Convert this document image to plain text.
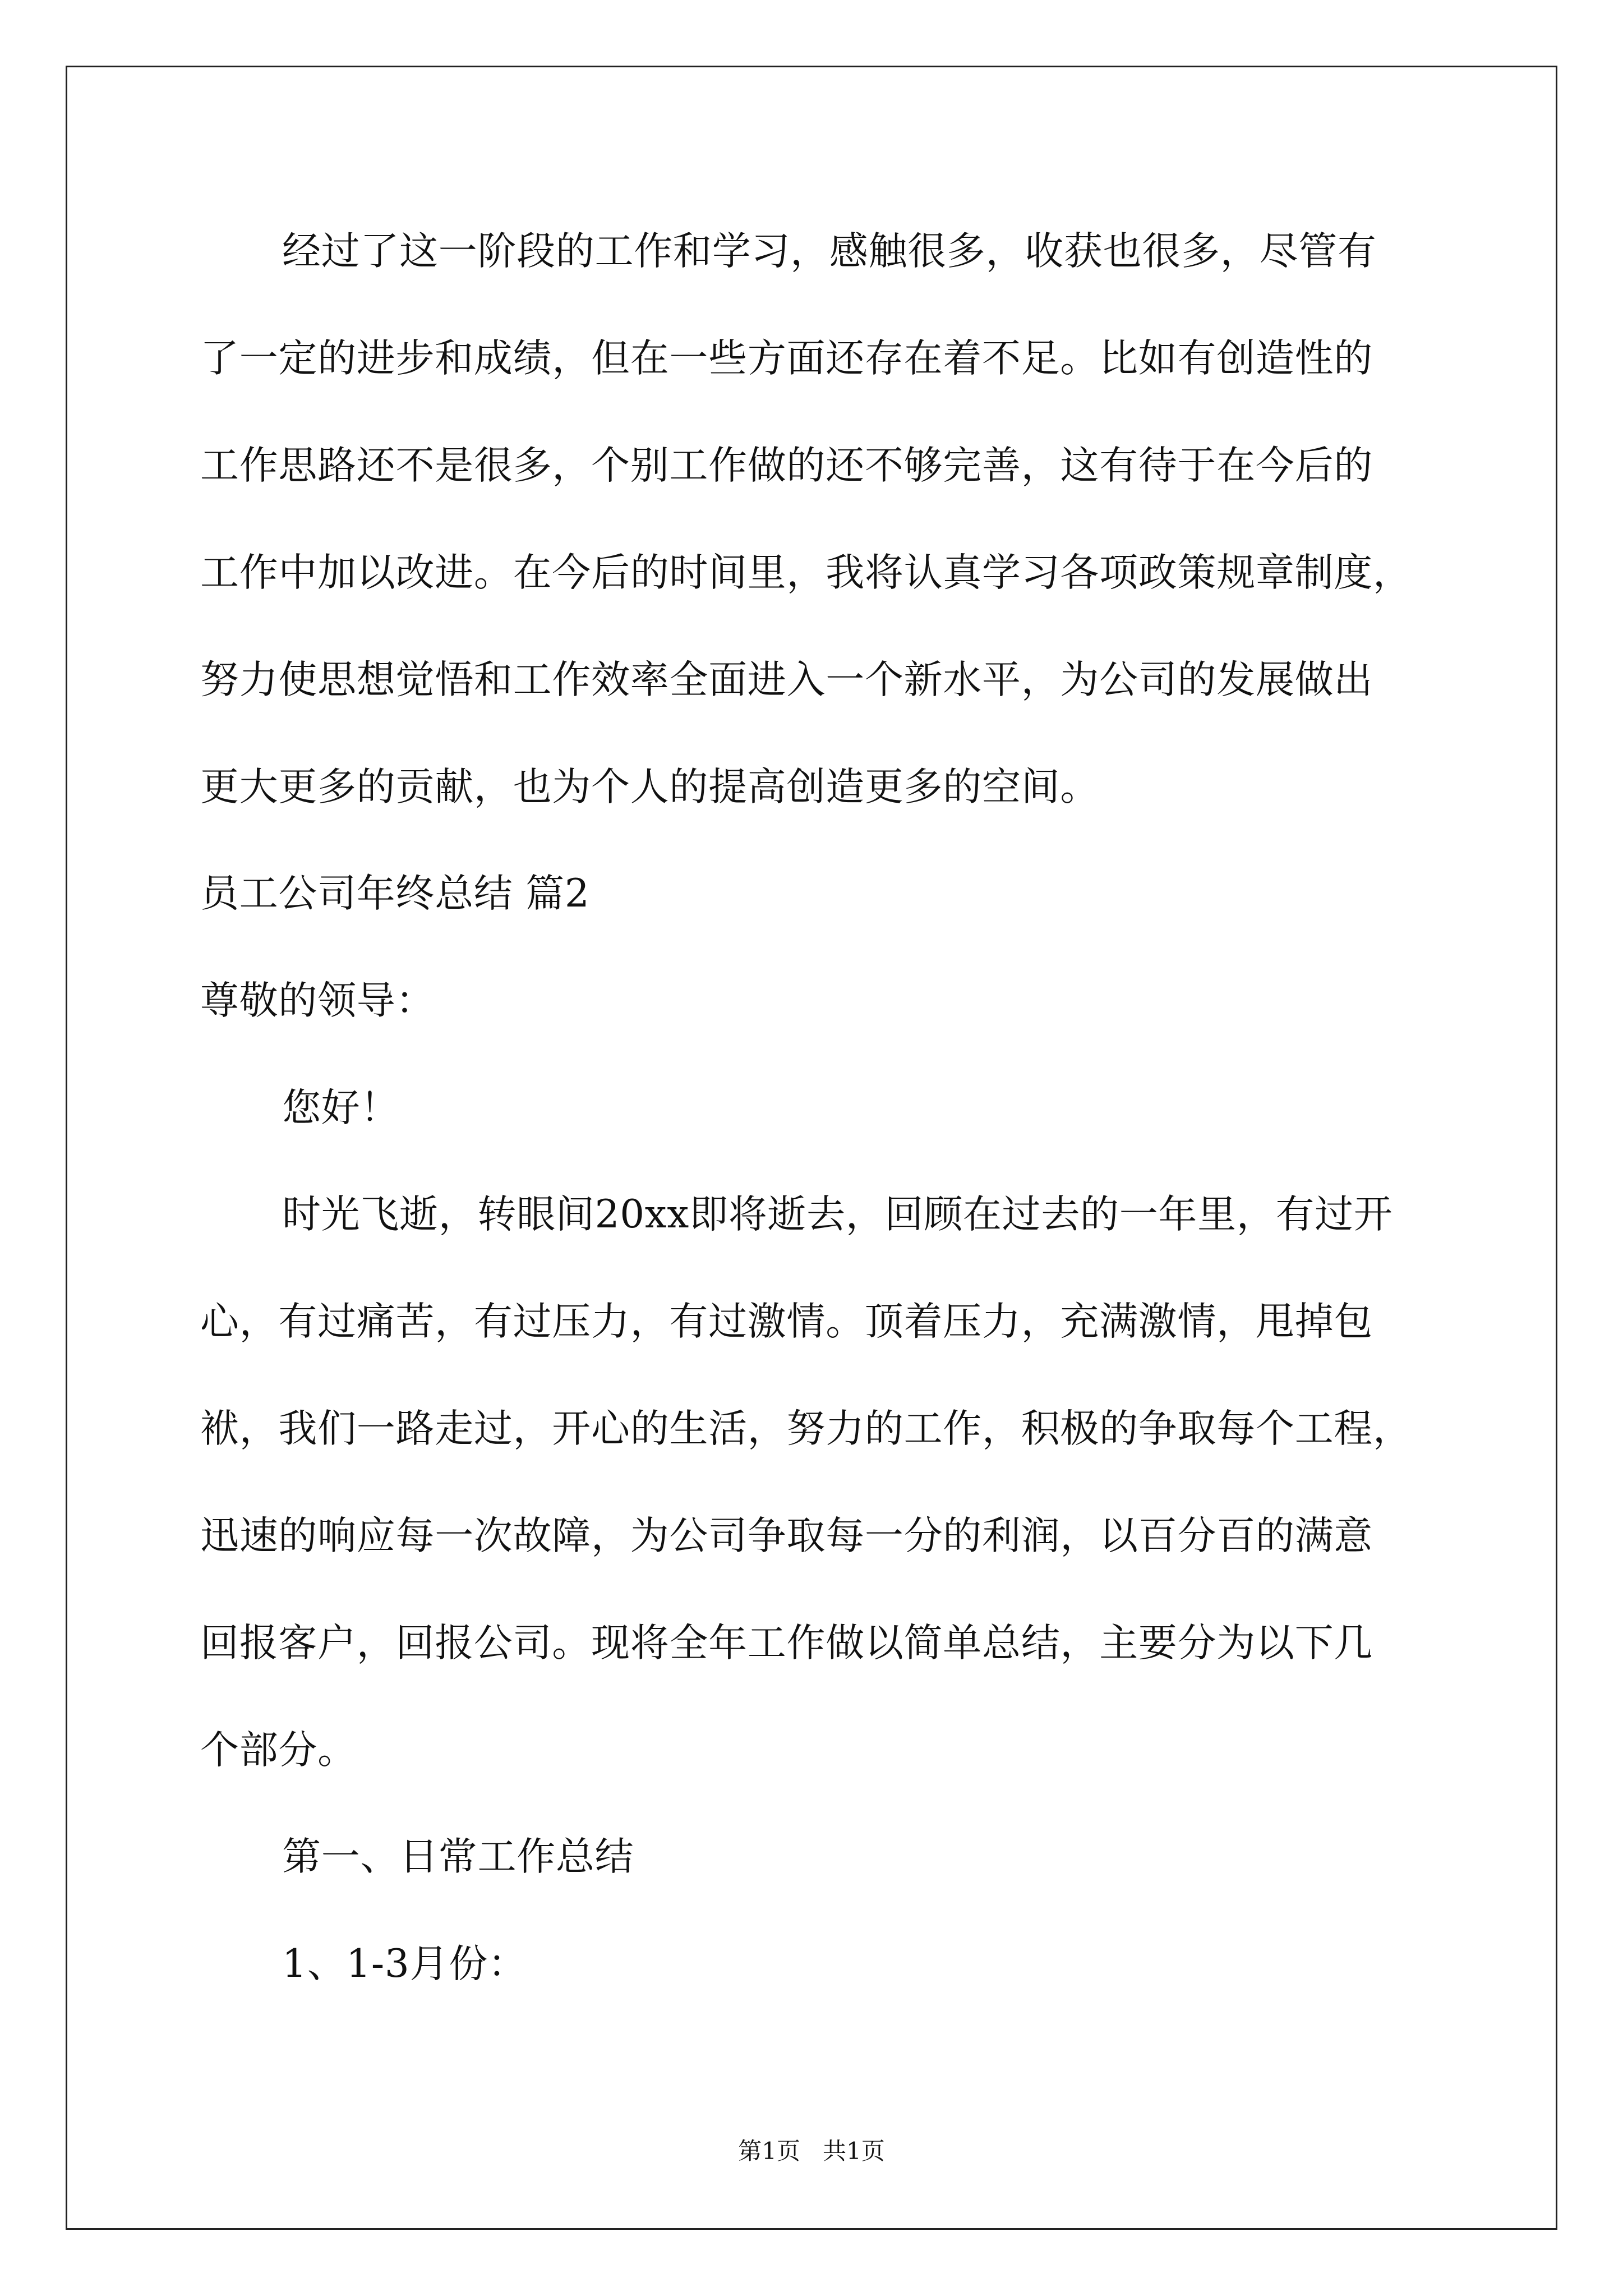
经过了这一阶段的工作和学习，感触很多，收获也很多，尽管有
了一定的进步和成绩，但在一些方面还存在着不足。比如有创造性的
工作思路还不是很多，个别工作做的还不够完善，这有待于在今后的
工作中加以改进。在今后的时间里，我将认真学习各项政策规章制度，
努力使思想觉悟和工作效率全面进入一个新水平，为公司的发展做出
更大更多的贡献，也为个人的提高创造更多的空间。
员工公司年终总结 篇2
尊敬的领导：
您好！
时光飞逝，转眼间20xx即将逝去，回顾在过去的一年里，有过开
心，有过痛苦，有过压力，有过激情。顶着压力，充满激情，甩掉包
袱，我们一路走过，开心的生活，努力的工作，积极的争取每个工程，
迅速的响应每一次故障，为公司争取每一分的利润，以百分百的满意
回报客户，回报公司。现将全年工作做以简单总结，主要分为以下几
个部分。
第一、日常工作总结
1、1-3月份：
第1页   共1页
